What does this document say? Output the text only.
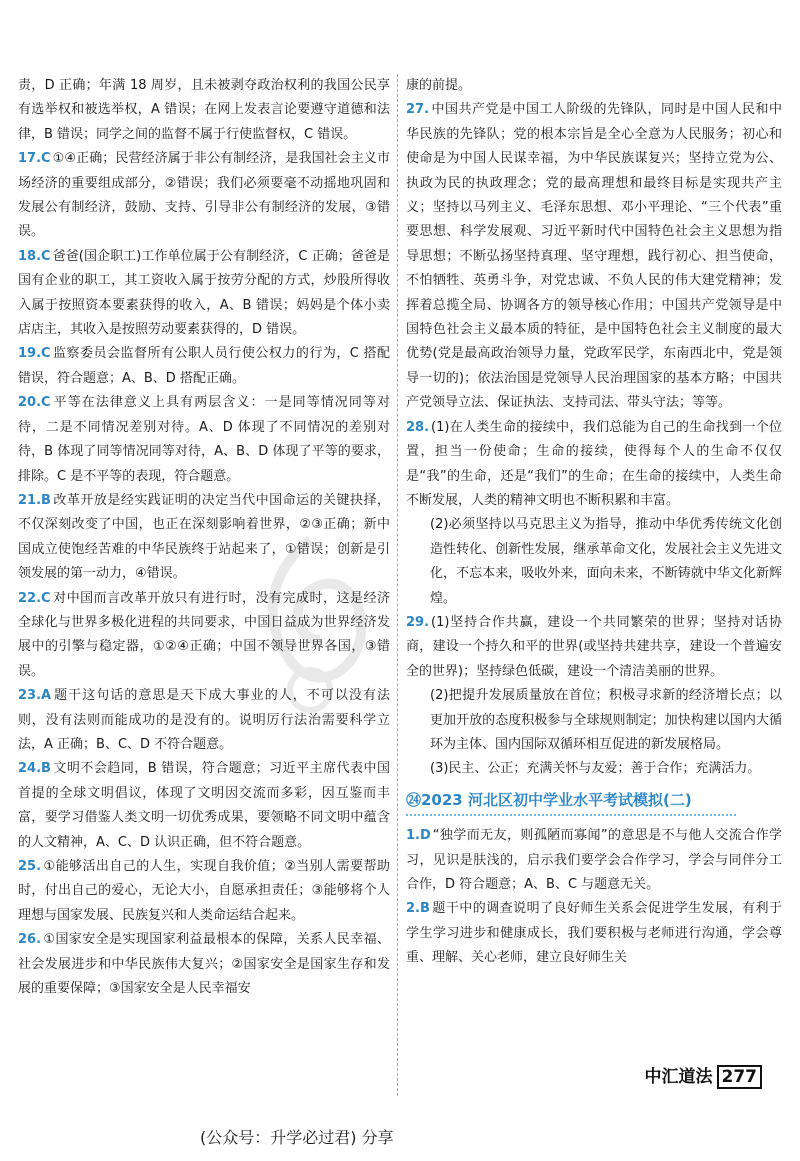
责，D 正确；年满 18 周岁，且未被剥夺政治权利的我国公民享有选举权和被选举权，A 错误；在网上发表言论要遵守道德和法律，B 错误；同学之间的监督不属于行使监督权，C 错误。
17.C ①④正确；民营经济属于非公有制经济，是我国社会主义市场经济的重要组成部分，②错误；我们必须要毫不动摇地巩固和发展公有制经济，鼓励、支持、引导非公有制经济的发展，③错误。
18.C 爸爸(国企职工)工作单位属于公有制经济，C 正确；爸爸是国有企业的职工，其工资收入属于按劳分配的方式，炒股所得收入属于按照资本要素获得的收入，A、B 错误；妈妈是个体小卖店店主，其收入是按照劳动要素获得的，D 错误。
19.C 监察委员会监督所有公职人员行使公权力的行为，C 搭配错误，符合题意；A、B、D 搭配正确。
20.C 平等在法律意义上具有两层含义：一是同等情况同等对待，二是不同情况差别对待。A、D 体现了不同情况的差别对待，B 体现了同等情况同等对待，A、B、D 体现了平等的要求，排除。C 是不平等的表现，符合题意。
21.B 改革开放是经实践证明的决定当代中国命运的关键抉择，不仅深刻改变了中国，也正在深刻影响着世界，②③正确；新中国成立使饱经苦难的中华民族终于站起来了，①错误；创新是引领发展的第一动力，④错误。
22.C 对中国而言改革开放只有进行时，没有完成时，这是经济全球化与世界多极化进程的共同要求，中国日益成为世界经济发展中的引擎与稳定器，①②④正确；中国不领导世界各国，③错误。
23.A 题干这句话的意思是天下成大事业的人，不可以没有法则，没有法则而能成功的是没有的。说明厉行法治需要科学立法，A 正确；B、C、D 不符合题意。
24.B 文明不会趋同，B 错误，符合题意；习近平主席代表中国首提的全球文明倡议，体现了文明因交流而多彩，因互鉴而丰富，要学习借鉴人类文明一切优秀成果，要领略不同文明中蕴含的人文精神，A、C、D 认识正确，但不符合题意。
25. ①能够活出自己的人生，实现自我价值；②当别人需要帮助时，付出自己的爱心，无论大小，自愿承担责任；③能够将个人理想与国家发展、民族复兴和人类命运结合起来。
26. ①国家安全是实现国家利益最根本的保障，关系人民幸福、社会发展进步和中华民族伟大复兴；②国家安全是国家生存和发展的重要保障；③国家安全是人民幸福安
康的前提。
27. 中国共产党是中国工人阶级的先锋队，同时是中国人民和中华民族的先锋队；党的根本宗旨是全心全意为人民服务；初心和使命是为中国人民谋幸福，为中华民族谋复兴；坚持立党为公、执政为民的执政理念；党的最高理想和最终目标是实现共产主义；坚持以马列主义、毛泽东思想、邓小平理论、“三个代表”重要思想、科学发展观、习近平新时代中国特色社会主义思想为指导思想；不断弘扬坚持真理、坚守理想，践行初心、担当使命，不怕牺牲、英勇斗争，对党忠诚、不负人民的伟大建党精神；发挥着总揽全局、协调各方的领导核心作用；中国共产党领导是中国特色社会主义最本质的特征，是中国特色社会主义制度的最大优势(党是最高政治领导力量，党政军民学，东南西北中，党是领导一切的)；依法治国是党领导人民治理国家的基本方略；中国共产党领导立法、保证执法、支持司法、带头守法；等等。
28. (1)在人类生命的接续中，我们总能为自己的生命找到一个位置，担当一份使命；生命的接续，使得每个人的生命不仅仅是“我”的生命，还是“我们”的生命；在生命的接续中，人类生命不断发展，人类的精神文明也不断积累和丰富。
(2)必须坚持以马克思主义为指导，推动中华优秀传统文化创造性转化、创新性发展，继承革命文化，发展社会主义先进文化，不忘本来，吸收外来，面向未来，不断铸就中华文化新辉煌。
29. (1)坚持合作共赢，建设一个共同繁荣的世界；坚持对话协商，建设一个持久和平的世界(或坚持共建共享，建设一个普遍安全的世界)；坚持绿色低碳，建设一个清洁美丽的世界。
(2)把提升发展质量放在首位；积极寻求新的经济增长点；以更加开放的态度积极参与全球规则制定；加快构建以国内大循环为主体、国内国际双循环相互促进的新发展格局。
(3)民主、公正；充满关怀与友爱；善于合作；充满活力。
㉔2023 河北区初中学业水平考试模拟(二)
1.D “独学而无友，则孤陋而寡闻”的意思是不与他人交流合作学习，见识是肤浅的，启示我们要学会合作学习，学会与同伴分工合作，D 符合题意；A、B、C 与题意无关。
2.B 题干中的调查说明了良好师生关系会促进学生发展，有利于学生学习进步和健康成长，我们要积极与老师进行沟通，学会尊重、理解、关心老师，建立良好师生关
中汇道法 277
(公众号：升学必过君) 分享
